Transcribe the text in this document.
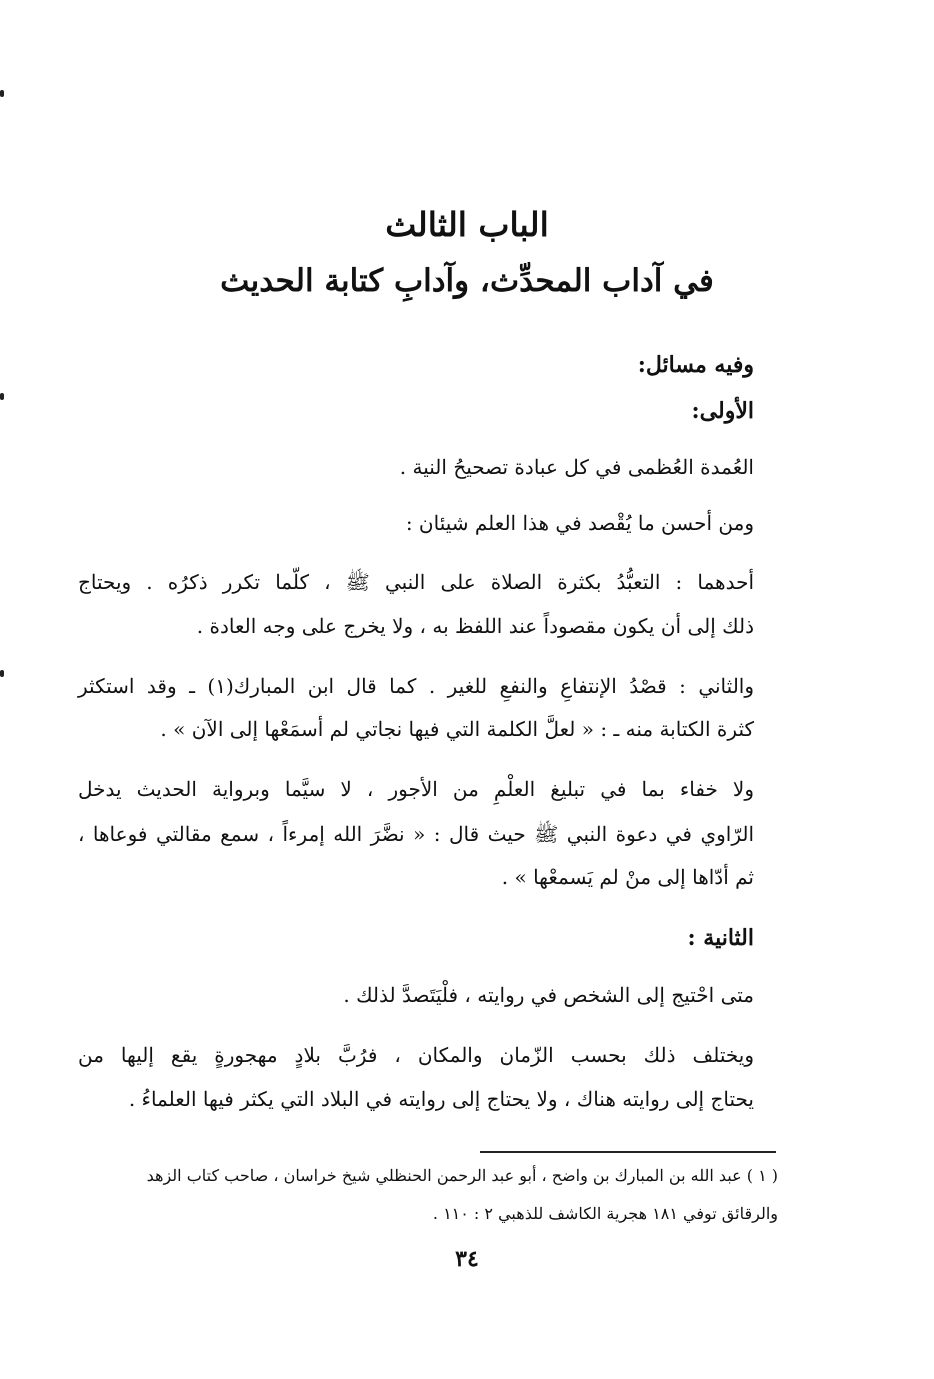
الباب الثالث
في آداب المحدِّث، وآدابِ كتابة الحديث
وفيه مسائل:
الأولى:
العُمدة العُظمى في كل عبادة تصحيحُ النية .
ومن أحسن ما يُقْصد في هذا العلم شيئان :
أحدهما : التعبُّدُ بكثرة الصلاة على النبي ﷺ ، كلّما تكرر ذكرُه . ويحتاج
ذلك إلى أن يكون مقصوداً عند اللفظ به ، ولا يخرج على وجه العادة .
والثاني : قصْدُ الإنتفاعِ والنفعِ للغير . كما قال ابن المبارك(١) ـ وقد استكثر
كثرة الكتابة منه ـ : « لعلَّ الكلمة التي فيها نجاتي لم أسمَعْها إلى الآن » .
ولا خفاء بما في تبليغ العلْمِ من الأجور ، لا سيَّما وبرواية الحديث يدخل
الرّاوي في دعوة النبي ﷺ حيث قال : « نضَّرَ الله إمرءاً ، سمع مقالتي فوعاها ،
ثم أدّاها إلى منْ لم يَسمعْها » .
الثانية :
متى احْتيج إلى الشخص في روايته ، فلْيَتَصدَّ لذلك .
ويختلف ذلك بحسب الزّمان والمكان ، فرُبَّ بلادٍ مهجورةٍ يقع إليها من
يحتاج إلى روايته هناك ، ولا يحتاج إلى روايته في البلاد التي يكثر فيها العلماءُ .
( ١ ) عبد الله بن المبارك بن واضح ، أبو عبد الرحمن الحنظلي شيخ خراسان ، صاحب كتاب الزهد
والرقائق توفي ١٨١ هجرية الكاشف للذهبي ٢ : ١١٠ .
٣٤
